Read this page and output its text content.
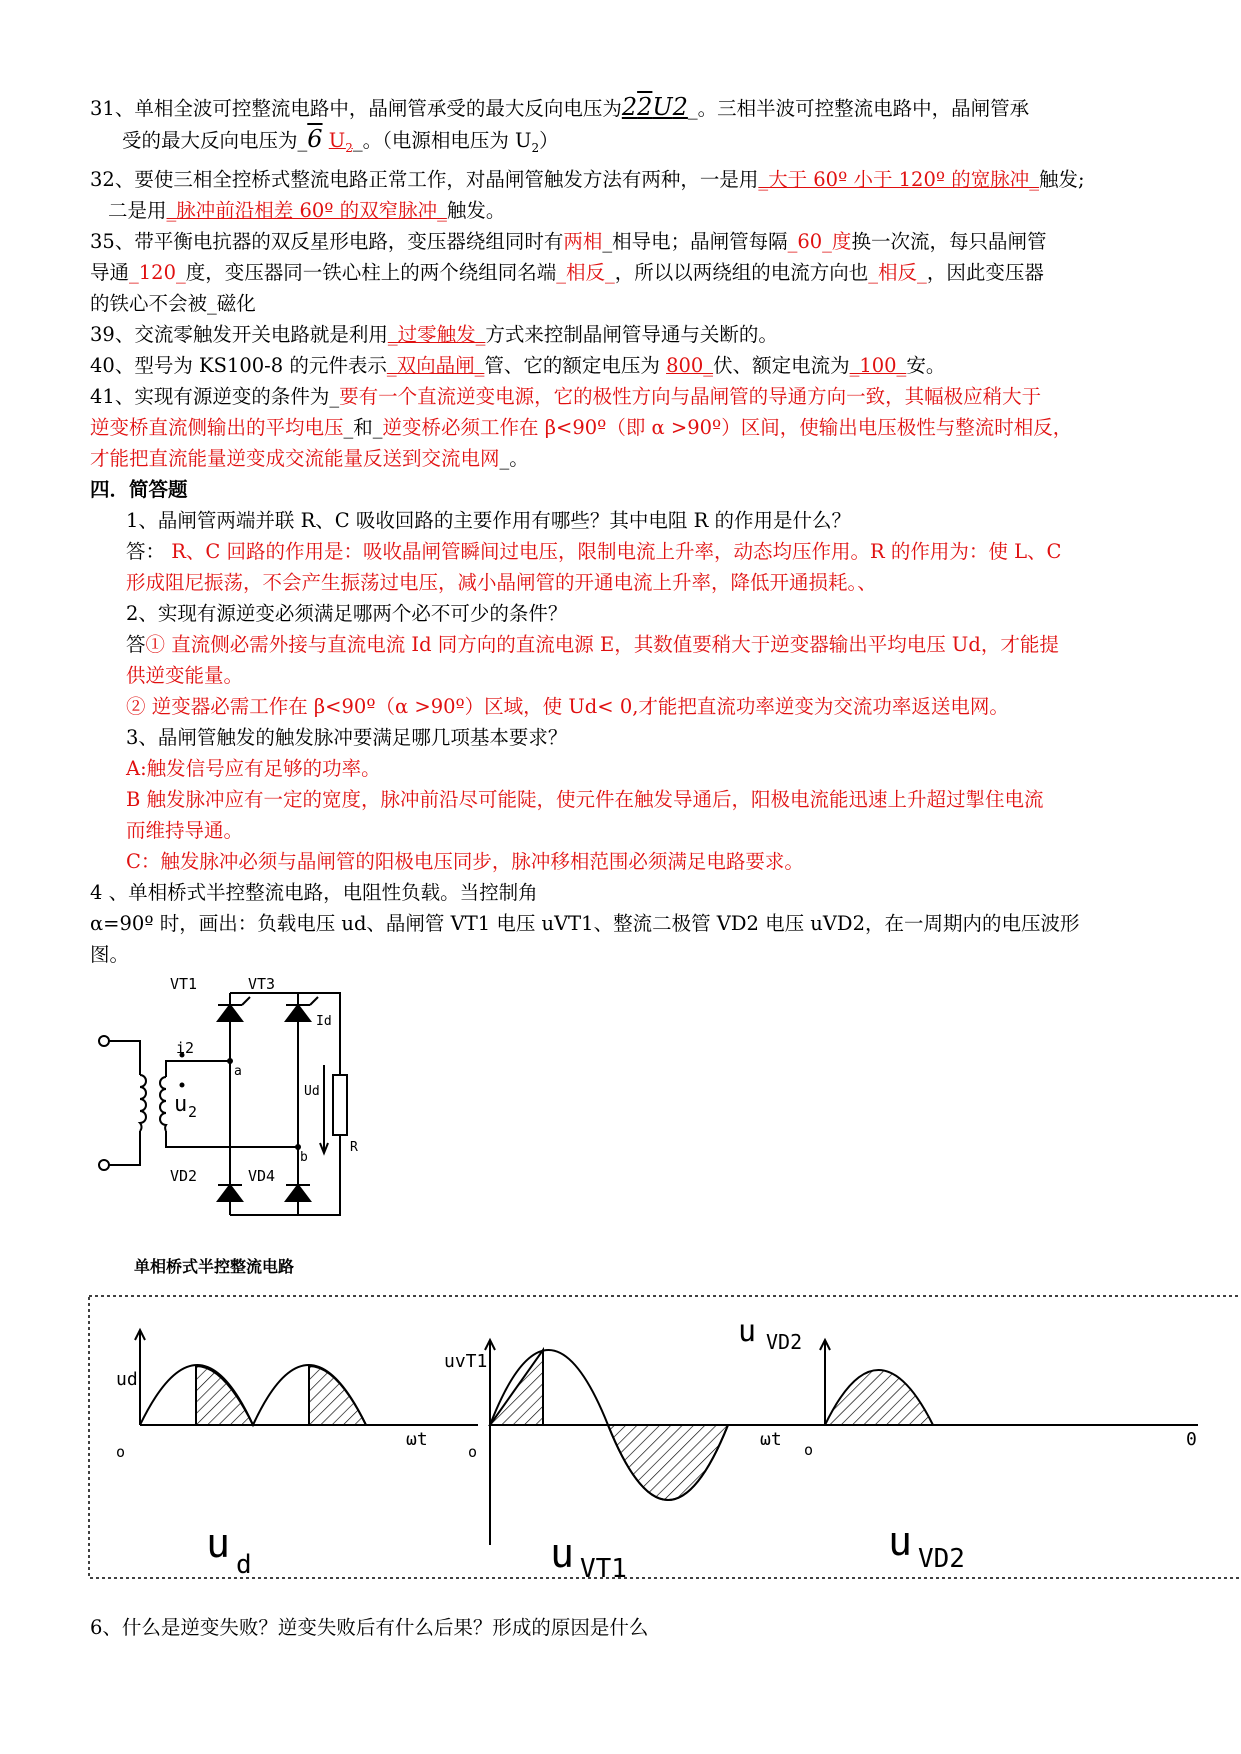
31、单相全波可控整流电路中，晶闸管承受的最大反向电压为22U2_。三相半波可控整流电路中，晶闸管承
受的最大反向电压为_6 $U_2\_$。（电源相电压为 $U_2$）
32、要使三相全控桥式整流电路正常工作，对晶闸管触发方法有两种，一是用_大于 60º 小于 120º 的宽脉冲_触发;
二是用_脉冲前沿相差 60º 的双窄脉冲_触发。
35、带平衡电抗器的双反星形电路，变压器绕组同时有两相_相导电；晶闸管每隔_60_度换一次流，每只晶闸管
导通_120_度，变压器同一铁心柱上的两个绕组同名端_相反_，所以以两绕组的电流方向也_相反_，因此变压器
的铁心不会被_磁化
39、交流零触发开关电路就是利用_过零触发_方式来控制晶闸管导通与关断的。
40、型号为 KS100-8 的元件表示_双向晶闸_管、它的额定电压为 800_伏、额定电流为_100_安。
41、实现有源逆变的条件为_要有一个直流逆变电源，它的极性方向与晶闸管的导通方向一致，其幅极应稍大于
逆变桥直流侧输出的平均电压_和_逆变桥必须工作在 β<90º（即 α >90º）区间，使输出电压极性与整流时相反，
才能把直流能量逆变成交流能量反送到交流电网_。
四．简答题
1、晶闸管两端并联 R、C 吸收回路的主要作用有哪些？其中电阻 R 的作用是什么？
答： R、C 回路的作用是：吸收晶闸管瞬间过电压，限制电流上升率，动态均压作用。R 的作用为：使 L、C
形成阻尼振荡，不会产生振荡过电压，减小晶闸管的开通电流上升率，降低开通损耗。、
2、实现有源逆变必须满足哪两个必不可少的条件？
答① 直流侧必需外接与直流电流 Id 同方向的直流电源 E，其数值要稍大于逆变器输出平均电压 Ud，才能提
供逆变能量。
② 逆变器必需工作在 β<90º（α >90º）区域，使 Ud< 0,才能把直流功率逆变为交流功率返送电网。
3、晶闸管触发的触发脉冲要满足哪几项基本要求？
A:触发信号应有足够的功率。
B 触发脉冲应有一定的宽度，脉冲前沿尽可能陡，使元件在触发导通后，阳极电流能迅速上升超过掣住电流
而维持导通。
C：触发脉冲必须与晶闸管的阳极电压同步，脉冲移相范围必须满足电路要求。
4 、单相桥式半控整流电路，电阻性负载。当控制角
α=90º 时，画出：负载电压 ud、晶闸管 VT1 电压 uVT1、整流二极管 VD2 电压 uVD2，在一周期内的电压波形
图。
VT1	VT3
VD2	VD4
i2
u 2
a
b
Id
Ud
R
单相桥式半控整流电路
ud
ωt
o
uvT1
ωt
o
u VD2
o	0
u d	u VT1
u VD2
6、什么是逆变失败？逆变失败后有什么后果？形成的原因是什么
